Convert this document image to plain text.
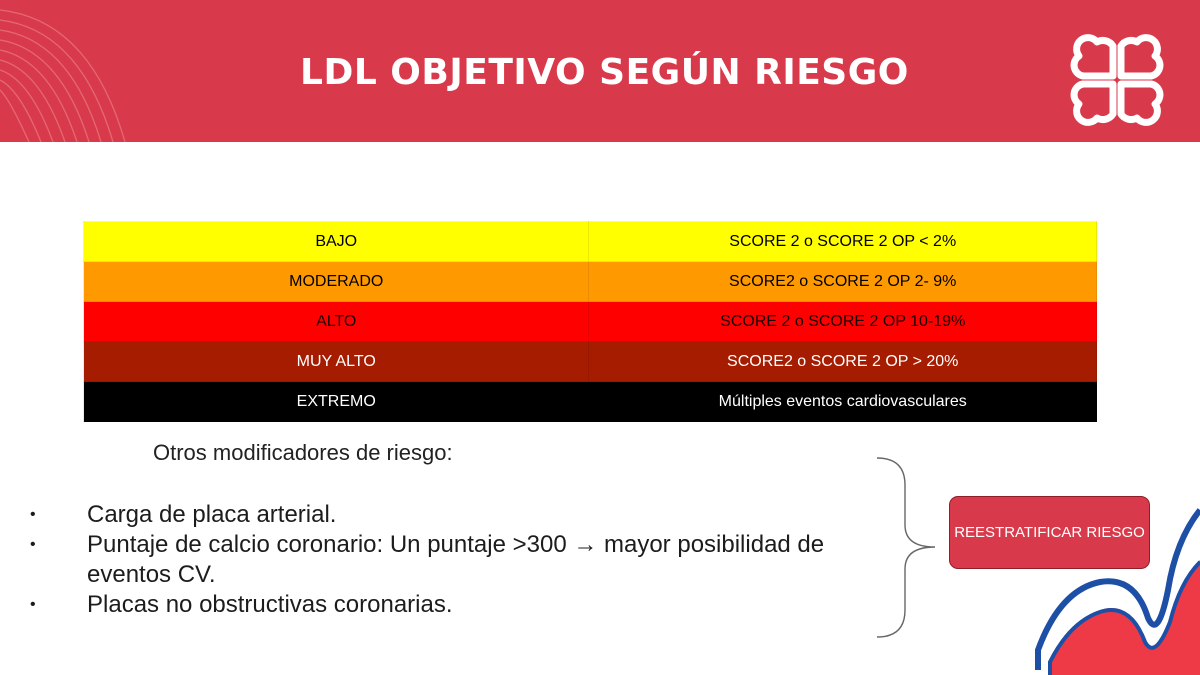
LDL OBJETIVO SEGÚN RIESGO
BAJO	SCORE 2 o SCORE 2 OP < 2%
MODERADO	SCORE2 o SCORE 2 OP 2- 9%
ALTO	SCORE 2 o SCORE 2 OP 10-19%
MUY ALTO	SCORE2 o SCORE 2 OP > 20%
EXTREMO	Múltiples eventos cardiovasculares
Otros modificadores de riesgo:
• Carga de placa arterial.
• Puntaje de calcio coronario: Un puntaje >300 → mayor posibilidad de eventos CV.
• Placas no obstructivas coronarias.
REESTRATIFICAR RIESGO
